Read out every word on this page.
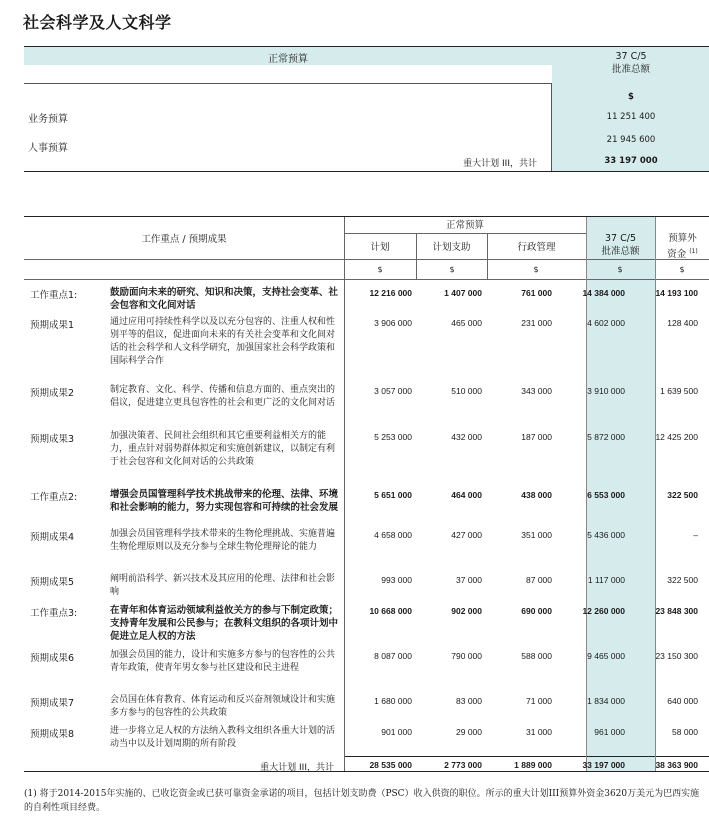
社会科学及人文科学
正常预算	37 C/5
批准总额
$
业务预算	11 251 400
人事预算
21 945 600
重大计划 III，共计	33 197 000
工作重点 / 预期成果
正常预算
计划	计划支助	行政管理
37 C/5
批准总额
预算外
资金 $^{(1)}$
$	$	$	$	$
工作重点1:	鼓励面向未来的研究、知识和决策，支持社会变革、社会包容和文化间对话
12 216 000	1 407 000	761 000	14 384 000	14 193 100
预期成果1	通过应用可持续性科学以及以充分包容的、注重人权和性别平等的倡议，促进面向未来的有关社会变革和文化间对话的社会科学和人文科学研究，加强国家社会科学政策和国际科学合作
3 906 000	465 000	231 000	4 602 000	128 400
预期成果2	制定教育、文化、科学、传播和信息方面的、重点突出的倡议，促进建立更具包容性的社会和更广泛的文化间对话
3 057 000	510 000	343 000	3 910 000	1 639 500
预期成果3	加强决策者、民间社会组织和其它重要利益相关方的能力，重点针对弱势群体拟定和实施创新建议，以制定有利于社会包容和文化间对话的公共政策
5 253 000	432 000	187 000	5 872 000	12 425 200
工作重点2:	增强会员国管理科学技术挑战带来的伦理、法律、环境和社会影响的能力，努力实现包容和可持续的社会发展
5 651 000	464 000	438 000	6 553 000	322 500
预期成果4	加强会员国管理科学技术带来的生物伦理挑战、实施普遍生物伦理原则以及充分参与全球生物伦理辩论的能力
4 658 000	427 000	351 000	5 436 000	–
预期成果5	阐明前沿科学、新兴技术及其应用的伦理、法律和社会影响
993 000	37 000	87 000	1 117 000	322 500
工作重点3:	在青年和体育运动领域利益攸关方的参与下制定政策；支持青年发展和公民参与；在教科文组织的各项计划中促进立足人权的方法
10 668 000	902 000	690 000	12 260 000	23 848 300
预期成果6	加强会员国的能力，设计和实施多方参与的包容性的公共青年政策，使青年男女参与社区建设和民主进程
8 087 000	790 000	588 000	9 465 000	23 150 300
预期成果7	会员国在体育教育、体育运动和反兴奋剂领域设计和实施多方参与的包容性的公共政策
1 680 000	83 000	71 000	1 834 000	640 000
预期成果8	进一步将立足人权的方法纳入教科文组织各重大计划的活动当中以及计划周期的所有阶段
901 000	29 000	31 000	961 000	58 000
重大计划 III，共计	28 535 000	2 773 000	1 889 000	33 197 000	38 363 900
(1) 将于2014-2015年实施的、已收讫资金或已获可靠资金承诺的项目，包括计划支助费（PSC）收入供资的职位。所示的重大计划III预算外资金3620万美元为巴西实施的自利性项目经费。
